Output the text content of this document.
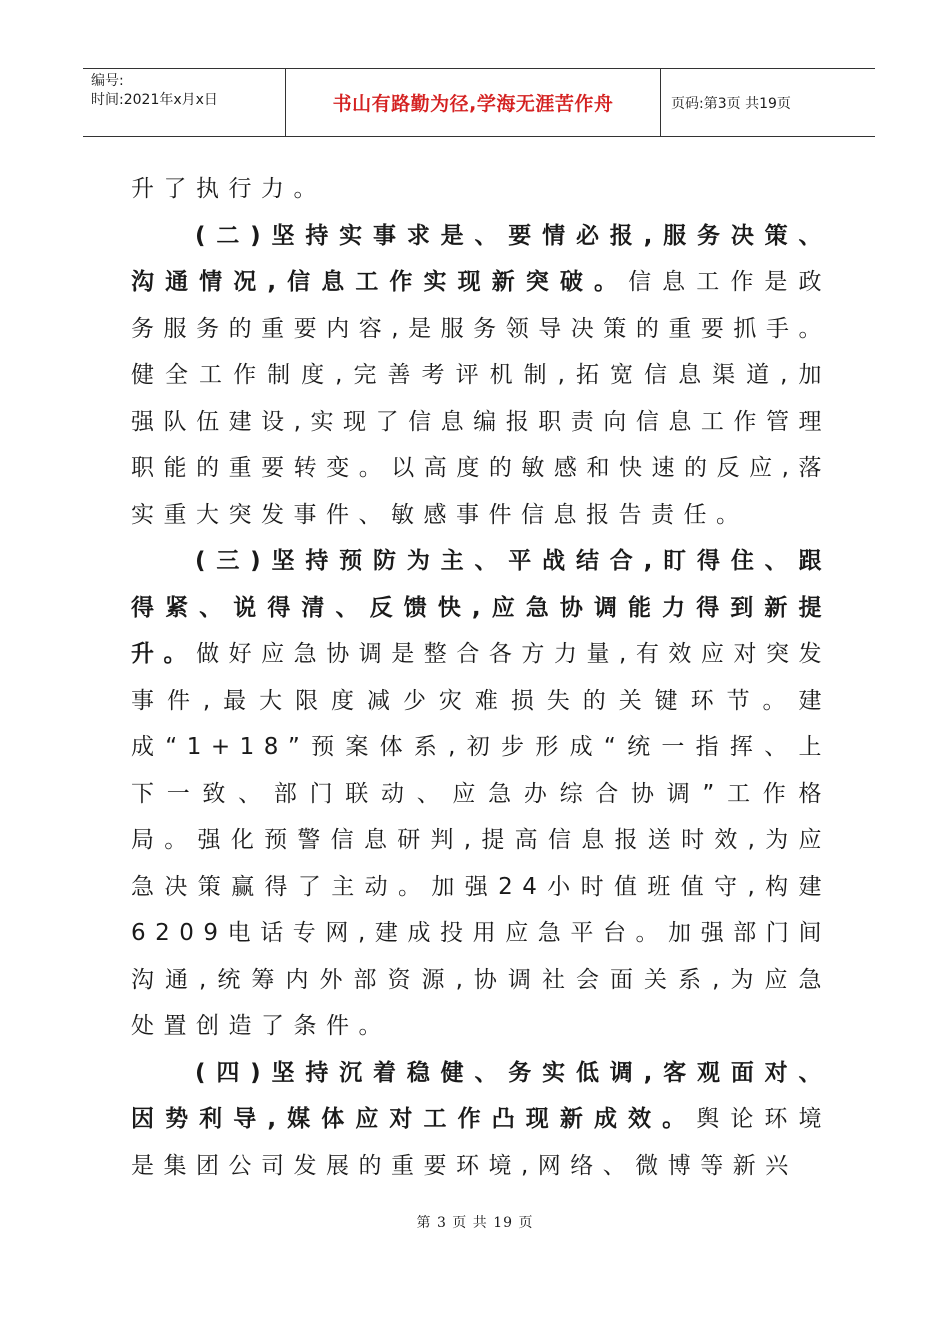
编号:
时间:2021年x月x日	书山有路勤为径,学海无涯苦作舟	页码:第3页 共19页

升了执行力。

(二)坚持实事求是、要情必报,服务决策、沟通情况,信息工作实现新突破。信息工作是政务服务的重要内容,是服务领导决策的重要抓手。健全工作制度,完善考评机制,拓宽信息渠道,加强队伍建设,实现了信息编报职责向信息工作管理职能的重要转变。以高度的敏感和快速的反应,落实重大突发事件、敏感事件信息报告责任。

(三)坚持预防为主、平战结合,盯得住、跟得紧、说得清、反馈快,应急协调能力得到新提升。做好应急协调是整合各方力量,有效应对突发事件,最大限度减少灾难损失的关键环节。建成“1+18”预案体系,初步形成“统一指挥、上下一致、部门联动、应急办综合协调”工作格局。强化预警信息研判,提高信息报送时效,为应急决策赢得了主动。加强24小时值班值守,构建6209电话专网,建成投用应急平台。加强部门间沟通,统筹内外部资源,协调社会面关系,为应急处置创造了条件。

(四)坚持沉着稳健、务实低调,客观面对、因势利导,媒体应对工作凸现新成效。舆论环境是集团公司发展的重要环境,网络、微博等新兴

第 3 页 共 19 页
